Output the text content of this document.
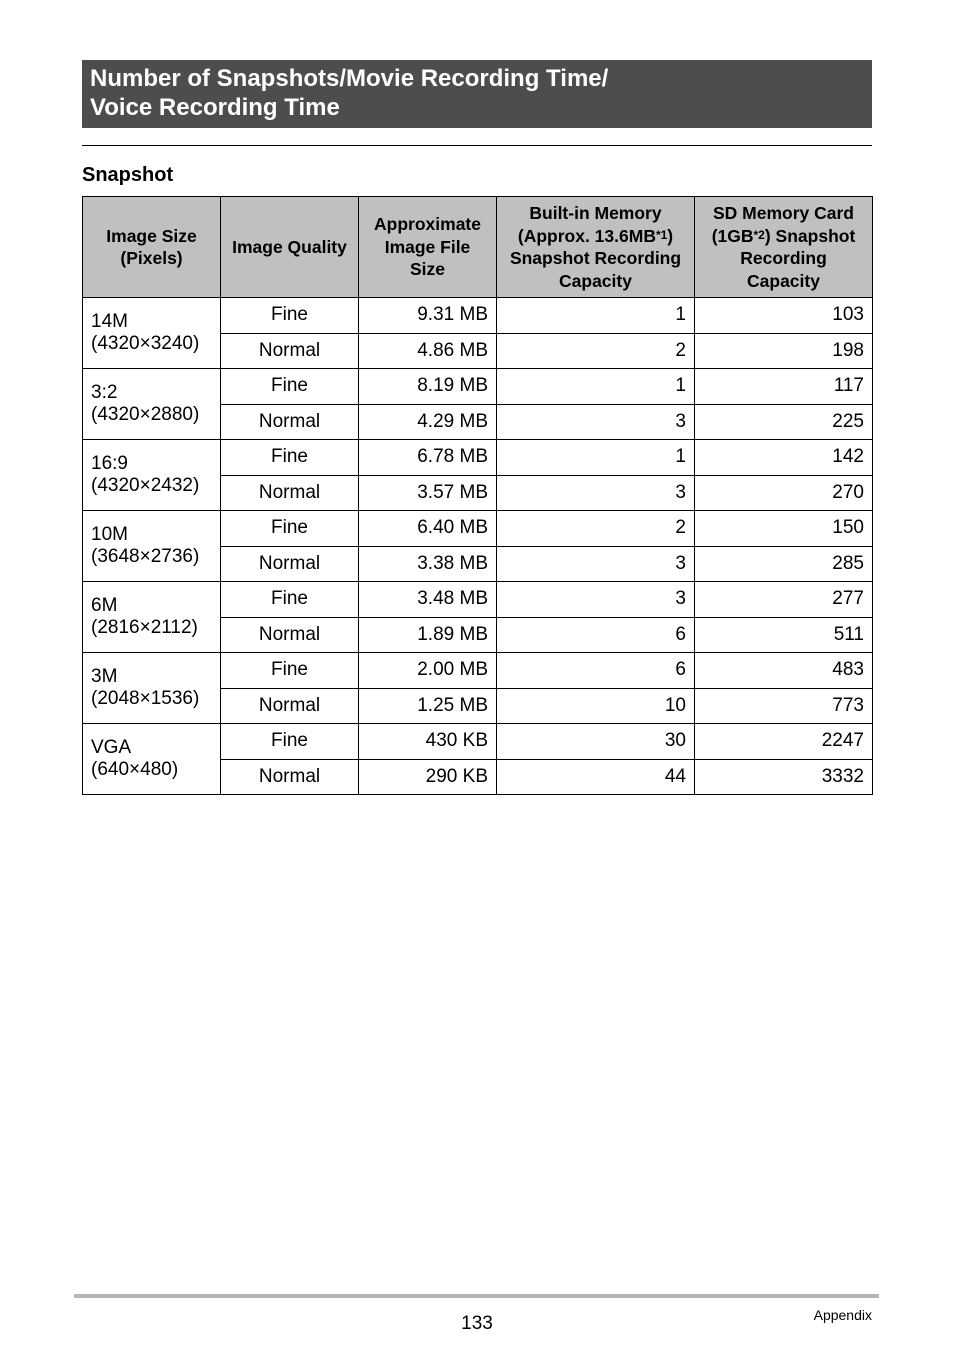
Number of Snapshots/Movie Recording Time/
Voice Recording Time
Snapshot
Image Size
(Pixels)	Image Quality	Approximate
Image File
Size	Built-in Memory
(Approx. 13.6MB$^{*1}$)
Snapshot Recording
Capacity	SD Memory Card
(1GB$^{*2}$) Snapshot
Recording
Capacity
14M
(4320×3240)	Fine	9.31 MB	1	103
	Normal	4.86 MB	2	198
3:2
(4320×2880)	Fine	8.19 MB	1	117
	Normal	4.29 MB	3	225
16:9
(4320×2432)	Fine	6.78 MB	1	142
	Normal	3.57 MB	3	270
10M
(3648×2736)	Fine	6.40 MB	2	150
	Normal	3.38 MB	3	285
6M
(2816×2112)	Fine	3.48 MB	3	277
	Normal	1.89 MB	6	511
3M
(2048×1536)	Fine	2.00 MB	6	483
	Normal	1.25 MB	10	773
VGA
(640×480)	Fine	430 KB	30	2247
	Normal	290 KB	44	3332
133	Appendix
